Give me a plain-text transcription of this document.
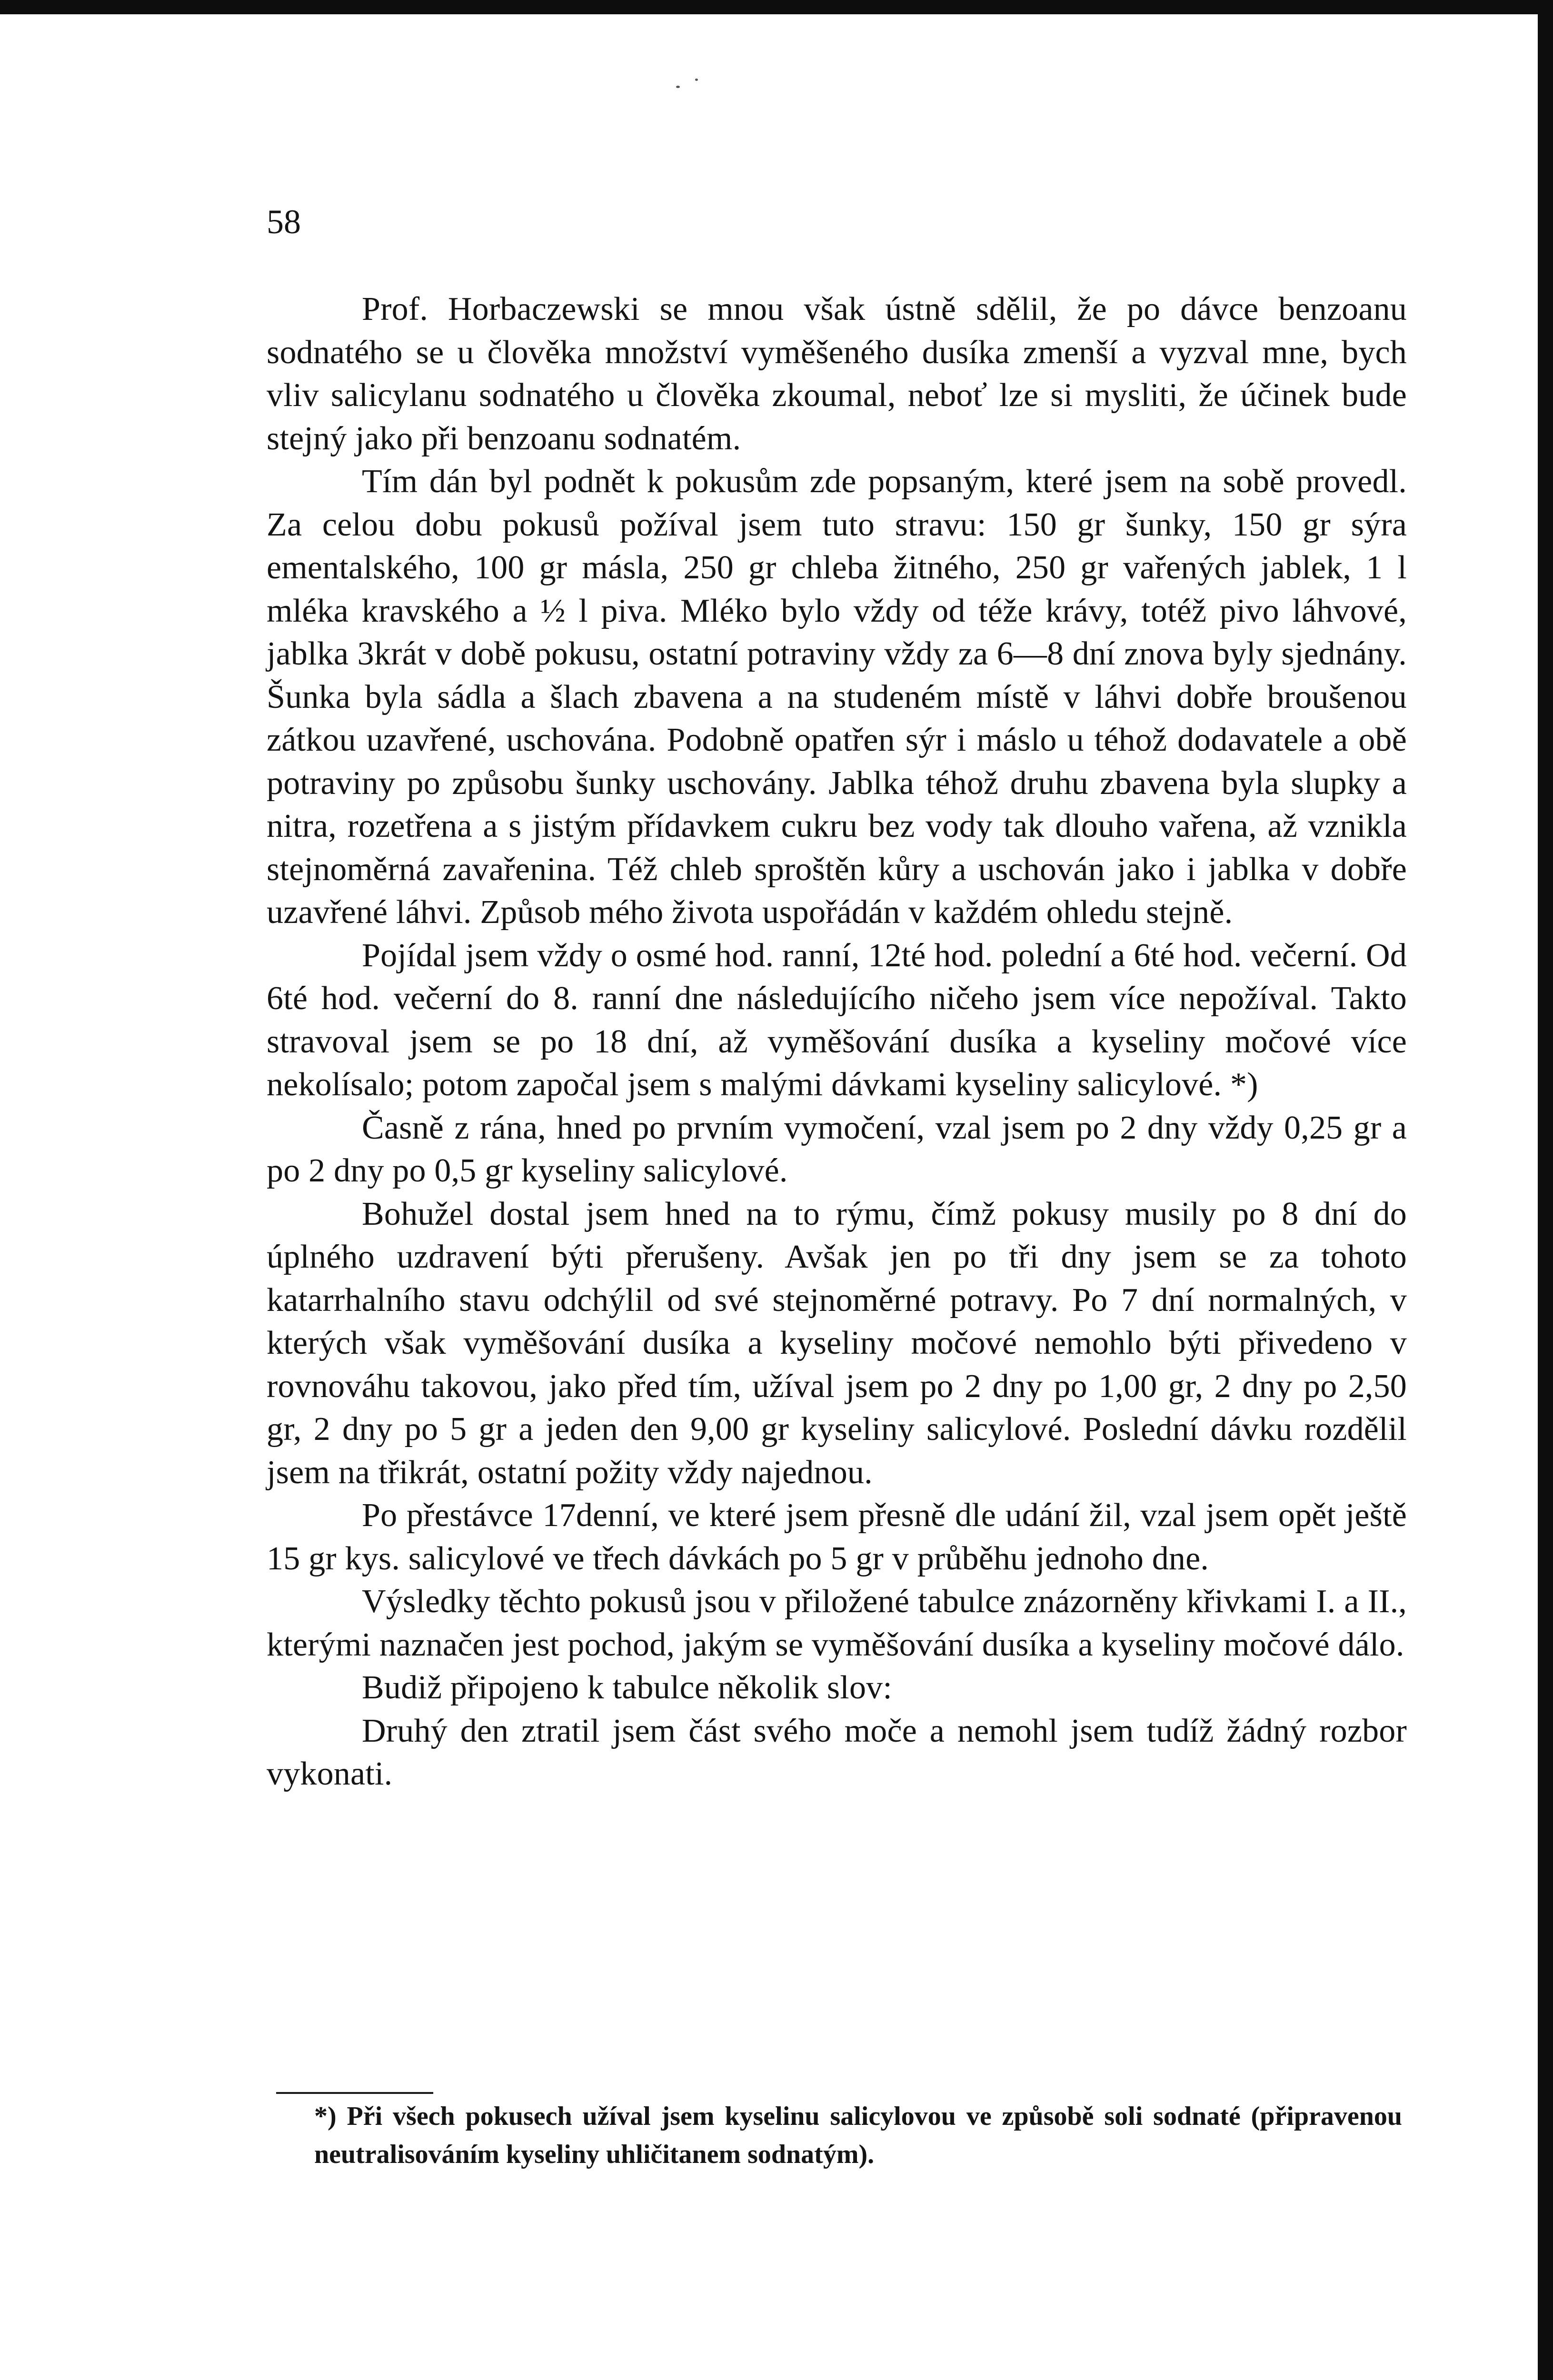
58

Prof. Horbaczewski se mnou však ústně sdělil, že po dávce benzoanu sodnatého se u člověka množství vyměšeného dusíka zmenší a vyzval mne, bych vliv salicylanu sodnatého u člověka zkoumal, neboť lze si mysliti, že účinek bude stejný jako při benzoanu sodnatém.

Tím dán byl podnět k pokusům zde popsaným, které jsem na sobě provedl. Za celou dobu pokusů požíval jsem tuto stravu: 150 gr šunky, 150 gr sýra ementalského, 100 gr másla, 250 gr chleba žitného, 250 gr vařených jablek, 1 l mléka kravského a ½ l piva. Mléko bylo vždy od téže krávy, totéž pivo láhvové, jablka 3krát v době pokusu, ostatní potraviny vždy za 6—8 dní znova byly sjednány. Šunka byla sádla a šlach zbavena a na studeném místě v láhvi dobře broušenou zátkou uzavřené, uschována. Podobně opatřen sýr i máslo u téhož dodavatele a obě potraviny po způsobu šunky uschovány. Jablka téhož druhu zbavena byla slupky a nitra, rozetřena a s jistým přídavkem cukru bez vody tak dlouho vařena, až vznikla stejnoměrná zavařenina. Též chleb sproštěn kůry a uschován jako i jablka v dobře uzavřené láhvi. Způsob mého života uspořádán v každém ohledu stejně.

Pojídal jsem vždy o osmé hod. ranní, 12té hod. polední a 6té hod. večerní. Od 6té hod. večerní do 8. ranní dne následujícího ničeho jsem více nepožíval. Takto stravoval jsem se po 18 dní, až vyměšování dusíka a kyseliny močové více nekolísalo; potom započal jsem s malými dávkami kyseliny salicylové. *)

Časně z rána, hned po prvním vymočení, vzal jsem po 2 dny vždy 0,25 gr a po 2 dny po 0,5 gr kyseliny salicylové.

Bohužel dostal jsem hned na to rýmu, čímž pokusy musily po 8 dní do úplného uzdravení býti přerušeny. Avšak jen po tři dny jsem se za tohoto katarrhalního stavu odchýlil od své stejnoměrné potravy. Po 7 dní normalných, v kterých však vyměšování dusíka a kyseliny močové nemohlo býti přivedeno v rovnováhu takovou, jako před tím, užíval jsem po 2 dny po 1,00 gr, 2 dny po 2,50 gr, 2 dny po 5 gr a jeden den 9,00 gr kyseliny salicylové. Poslední dávku rozdělil jsem na třikrát, ostatní požity vždy najednou.

Po přestávce 17denní, ve které jsem přesně dle udání žil, vzal jsem opět ještě 15 gr kys. salicylové ve třech dávkách po 5 gr v průběhu jednoho dne.

Výsledky těchto pokusů jsou v přiložené tabulce znázorněny křivkami I. a II., kterými naznačen jest pochod, jakým se vyměšování dusíka a kyseliny močové dálo.

Budiž připojeno k tabulce několik slov:

Druhý den ztratil jsem část svého moče a nemohl jsem tudíž žádný rozbor vykonati.

*) Při všech pokusech užíval jsem kyselinu salicylovou ve způsobě soli sodnaté (připravenou neutralisováním kyseliny uhličitanem sodnatým).
